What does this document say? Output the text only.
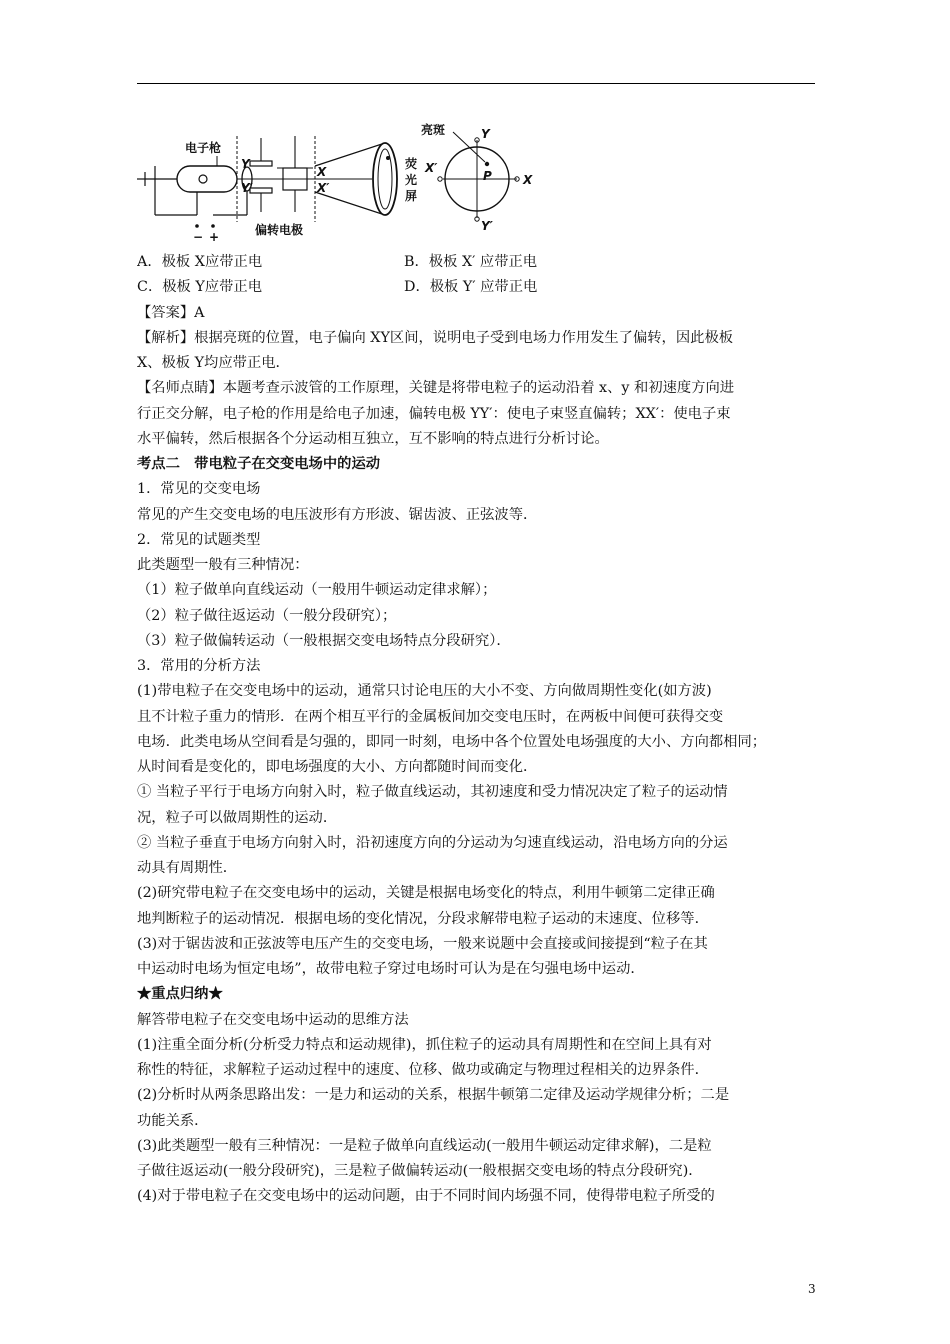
− +
电子枪
Y
Y′
X
X′
偏转电极
荧
光
屏
X
X′
Y
Y′
P
亮斑
A．极板 X应带正电	B．极板 X′ 应带正电
C．极板 Y应带正电	D．极板 Y′ 应带正电
【答案】A
【解析】根据亮斑的位置，电子偏向 XY区间，说明电子受到电场力作用发生了偏转，因此极板
X、极板 Y均应带正电．
【名师点睛】本题考查示波管的工作原理，关键是将带电粒子的运动沿着 x、y 和初速度方向进
行正交分解，电子枪的作用是给电子加速，偏转电极 YY′：使电子束竖直偏转；XX′：使电子束
水平偏转，然后根据各个分运动相互独立，互不影响的特点进行分析讨论。
考点二　带电粒子在交变电场中的运动
1．常见的交变电场
常见的产生交变电场的电压波形有方形波、锯齿波、正弦波等．
2．常见的试题类型
此类题型一般有三种情况：
（1）粒子做单向直线运动（一般用牛顿运动定律求解）；
（2）粒子做往返运动（一般分段研究）；
（3）粒子做偏转运动（一般根据交变电场特点分段研究）．
3．常用的分析方法
(1)带电粒子在交变电场中的运动，通常只讨论电压的大小不变、方向做周期性变化(如方波)
且不计粒子重力的情形．在两个相互平行的金属板间加交变电压时，在两板中间便可获得交变
电场．此类电场从空间看是匀强的，即同一时刻，电场中各个位置处电场强度的大小、方向都相同；
从时间看是变化的，即电场强度的大小、方向都随时间而变化．
① 当粒子平行于电场方向射入时，粒子做直线运动，其初速度和受力情况决定了粒子的运动情
况，粒子可以做周期性的运动．
② 当粒子垂直于电场方向射入时，沿初速度方向的分运动为匀速直线运动，沿电场方向的分运
动具有周期性．
(2)研究带电粒子在交变电场中的运动，关键是根据电场变化的特点，利用牛顿第二定律正确
地判断粒子的运动情况．根据电场的变化情况，分段求解带电粒子运动的末速度、位移等．
(3)对于锯齿波和正弦波等电压产生的交变电场，一般来说题中会直接或间接提到“粒子在其
中运动时电场为恒定电场”，故带电粒子穿过电场时可认为是在匀强电场中运动．
★重点归纳★
解答带电粒子在交变电场中运动的思维方法
(1)注重全面分析(分析受力特点和运动规律)，抓住粒子的运动具有周期性和在空间上具有对
称性的特征，求解粒子运动过程中的速度、位移、做功或确定与物理过程相关的边界条件．
(2)分析时从两条思路出发：一是力和运动的关系，根据牛顿第二定律及运动学规律分析；二是
功能关系．
(3)此类题型一般有三种情况：一是粒子做单向直线运动(一般用牛顿运动定律求解)，二是粒
子做往返运动(一般分段研究)，三是粒子做偏转运动(一般根据交变电场的特点分段研究)．
(4)对于带电粒子在交变电场中的运动问题，由于不同时间内场强不同，使得带电粒子所受的
3
